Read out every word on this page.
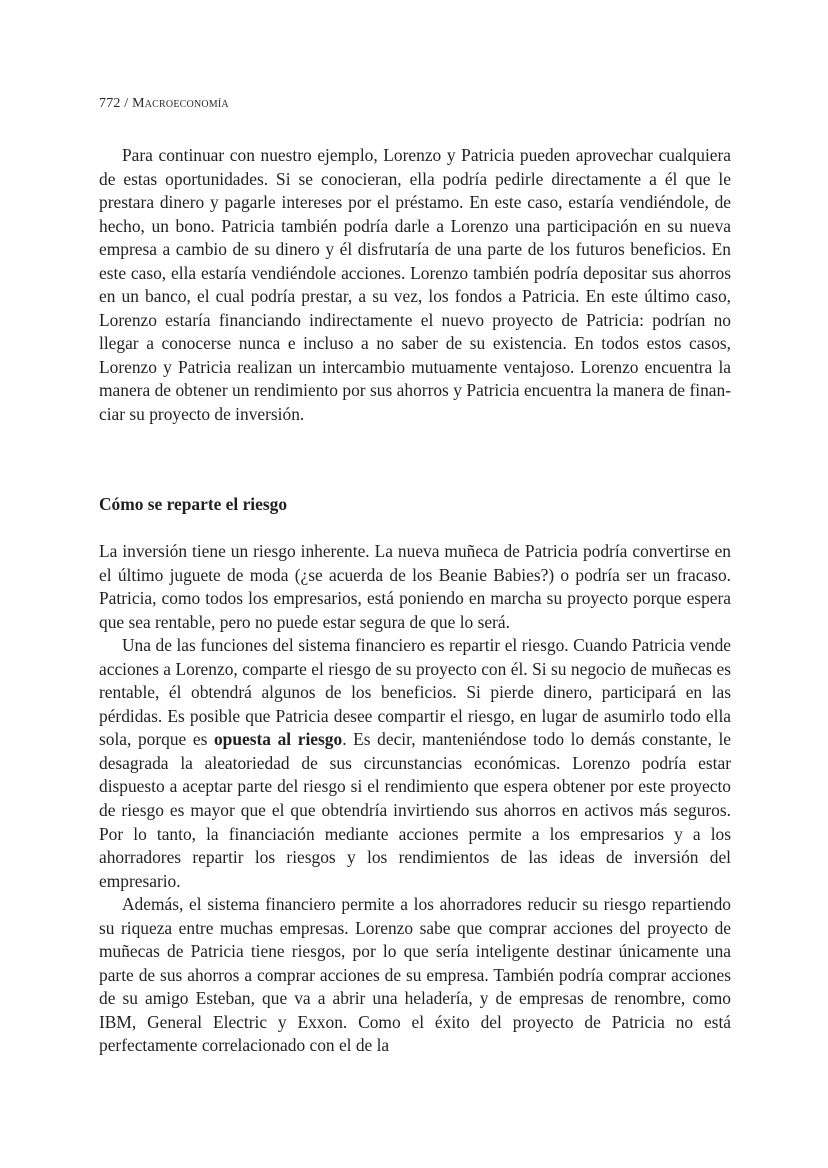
772 / Macroeconomía

Para continuar con nuestro ejemplo, Lorenzo y Patricia pueden aprovechar cualquiera de estas oportunidades. Si se conocieran, ella podría pedirle directamente a él que le prestara dinero y pagarle intereses por el préstamo. En este caso, estaría vendiéndole, de hecho, un bono. Patricia también podría darle a Lorenzo una participación en su nueva empresa a cambio de su dinero y él disfrutaría de una parte de los futuros beneficios. En este caso, ella estaría vendiéndole acciones. Lorenzo también podría depositar sus ahorros en un banco, el cual podría prestar, a su vez, los fondos a Patricia. En este último caso, Lorenzo estaría financiando indirectamente el nuevo proyecto de Patricia: podrían no llegar a conocerse nunca e incluso a no saber de su existencia. En todos estos casos, Lorenzo y Patricia realizan un intercambio mutuamente ventajoso. Lorenzo encuentra la manera de obtener un rendimiento por sus ahorros y Patricia encuentra la manera de financiar su proyecto de inversión.

Cómo se reparte el riesgo

La inversión tiene un riesgo inherente. La nueva muñeca de Patricia podría convertirse en el último juguete de moda (¿se acuerda de los Beanie Babies?) o podría ser un fracaso. Patricia, como todos los empresarios, está poniendo en marcha su proyecto porque espera que sea rentable, pero no puede estar segura de que lo será.

Una de las funciones del sistema financiero es repartir el riesgo. Cuando Patricia vende acciones a Lorenzo, comparte el riesgo de su proyecto con él. Si su negocio de muñecas es rentable, él obtendrá algunos de los beneficios. Si pierde dinero, participará en las pérdidas. Es posible que Patricia desee compartir el riesgo, en lugar de asumirlo todo ella sola, porque es opuesta al riesgo. Es decir, manteniéndose todo lo demás constante, le desagrada la aleatoriedad de sus circunstancias económicas. Lorenzo podría estar dispuesto a aceptar parte del riesgo si el rendimiento que espera obtener por este proyecto de riesgo es mayor que el que obtendría invirtiendo sus ahorros en activos más seguros. Por lo tanto, la financiación mediante acciones permite a los empresarios y a los ahorradores repartir los riesgos y los rendimientos de las ideas de inversión del empresario.

Además, el sistema financiero permite a los ahorradores reducir su riesgo repartiendo su riqueza entre muchas empresas. Lorenzo sabe que comprar acciones del proyecto de muñecas de Patricia tiene riesgos, por lo que sería inteligente destinar únicamente una parte de sus ahorros a comprar acciones de su empresa. También podría comprar acciones de su amigo Esteban, que va a abrir una heladería, y de empresas de renombre, como IBM, General Electric y Exxon. Como el éxito del proyecto de Patricia no está perfectamente correlacionado con el de la
